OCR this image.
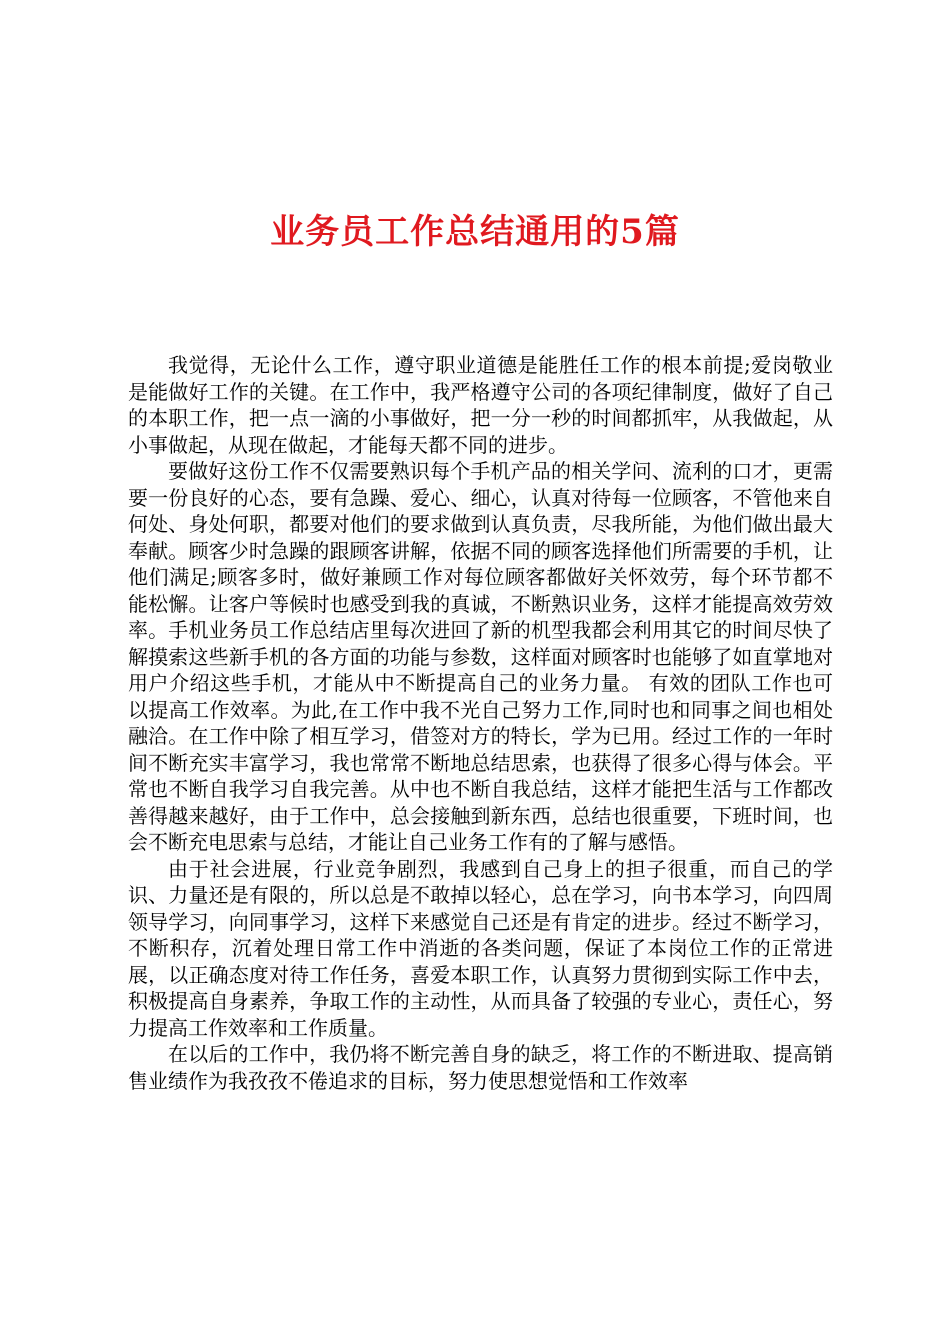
业务员工作总结通用的5篇

我觉得，无论什么工作，遵守职业道德是能胜任工作的根本前提;爱岗敬业是能做好工作的关键。在工作中，我严格遵守公司的各项纪律制度，做好了自己的本职工作，把一点一滴的小事做好，把一分一秒的时间都抓牢，从我做起，从小事做起，从现在做起，才能每天都不同的进步。

要做好这份工作不仅需要熟识每个手机产品的相关学问、流利的口才，更需要一份良好的心态，要有急躁、爱心、细心，认真对待每一位顾客，不管他来自何处、身处何职，都要对他们的要求做到认真负责，尽我所能，为他们做出最大奉献。顾客少时急躁的跟顾客讲解，依据不同的顾客选择他们所需要的手机，让他们满足;顾客多时，做好兼顾工作对每位顾客都做好关怀效劳，每个环节都不能松懈。让客户等候时也感受到我的真诚，不断熟识业务，这样才能提高效劳效率。手机业务员工作总结店里每次进回了新的机型我都会利用其它的时间尽快了解摸索这些新手机的各方面的功能与参数，这样面对顾客时也能够了如直掌地对用户介绍这些手机，才能从中不断提高自己的业务力量。 有效的团队工作也可以提高工作效率。为此,在工作中我不光自己努力工作,同时也和同事之间也相处融洽。在工作中除了相互学习，借签对方的特长，学为已用。经过工作的一年时间不断充实丰富学习，我也常常不断地总结思索，也获得了很多心得与体会。平常也不断自我学习自我完善。从中也不断自我总结，这样才能把生活与工作都改善得越来越好，由于工作中，总会接触到新东西，总结也很重要，下班时间，也会不断充电思索与总结，才能让自己业务工作有的了解与感悟。

由于社会进展，行业竞争剧烈，我感到自己身上的担子很重，而自己的学识、力量还是有限的，所以总是不敢掉以轻心，总在学习，向书本学习，向四周领导学习，向同事学习，这样下来感觉自己还是有肯定的进步。经过不断学习，不断积存，沉着处理日常工作中消逝的各类问题，保证了本岗位工作的正常进展，以正确态度对待工作任务，喜爱本职工作，认真努力贯彻到实际工作中去，积极提高自身素养，争取工作的主动性，从而具备了较强的专业心，责任心，努力提高工作效率和工作质量。

在以后的工作中，我仍将不断完善自身的缺乏，将工作的不断进取、提高销售业绩作为我孜孜不倦追求的目标，努力使思想觉悟和工作效率
